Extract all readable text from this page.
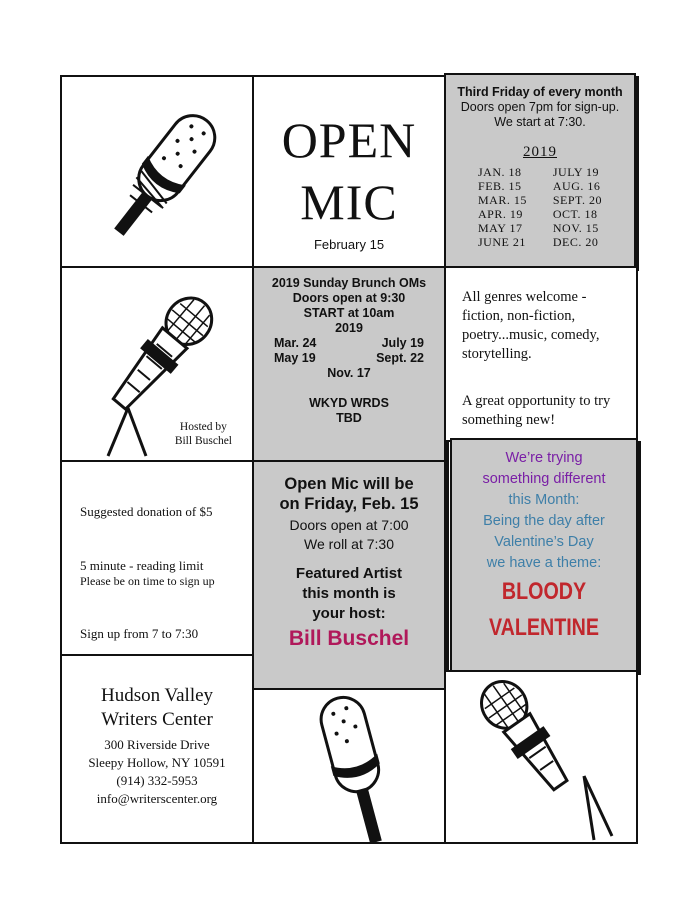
OPEN
MIC
February 15
Third Friday of every month
Doors open 7pm for sign-up.
We start at 7:30.
2019
JAN. 18
FEB. 15
MAR. 15
APR. 19
MAY 17
JUNE 21
JULY 19
AUG. 16
SEPT. 20
OCT. 18
NOV. 15
DEC. 20
Hosted by
Bill Buschel
2019 Sunday Brunch OMs
Doors open at 9:30
START at 10am
2019
Mar. 24	July 19
May 19	Sept. 22
Nov. 17
WKYD WRDS
TBD
All genres welcome - fiction, non-fiction, poetry...music, comedy, storytelling.
A great opportunity to try something new!
Suggested donation of $5
5 minute - reading limit
Please be on time to sign up
Sign up from 7 to 7:30
Open Mic will be
on Friday, Feb. 15
Doors open at 7:00
We roll at 7:30
Featured Artist
this month is
your host:
Bill Buschel
We’re trying
something different
this Month:
Being the day after
Valentine’s Day
we have a theme:
BLOODY
VALENTINE
Hudson Valley
Writers Center
300 Riverside Drive
Sleepy Hollow, NY 10591
(914) 332-5953
info@writerscenter.org
